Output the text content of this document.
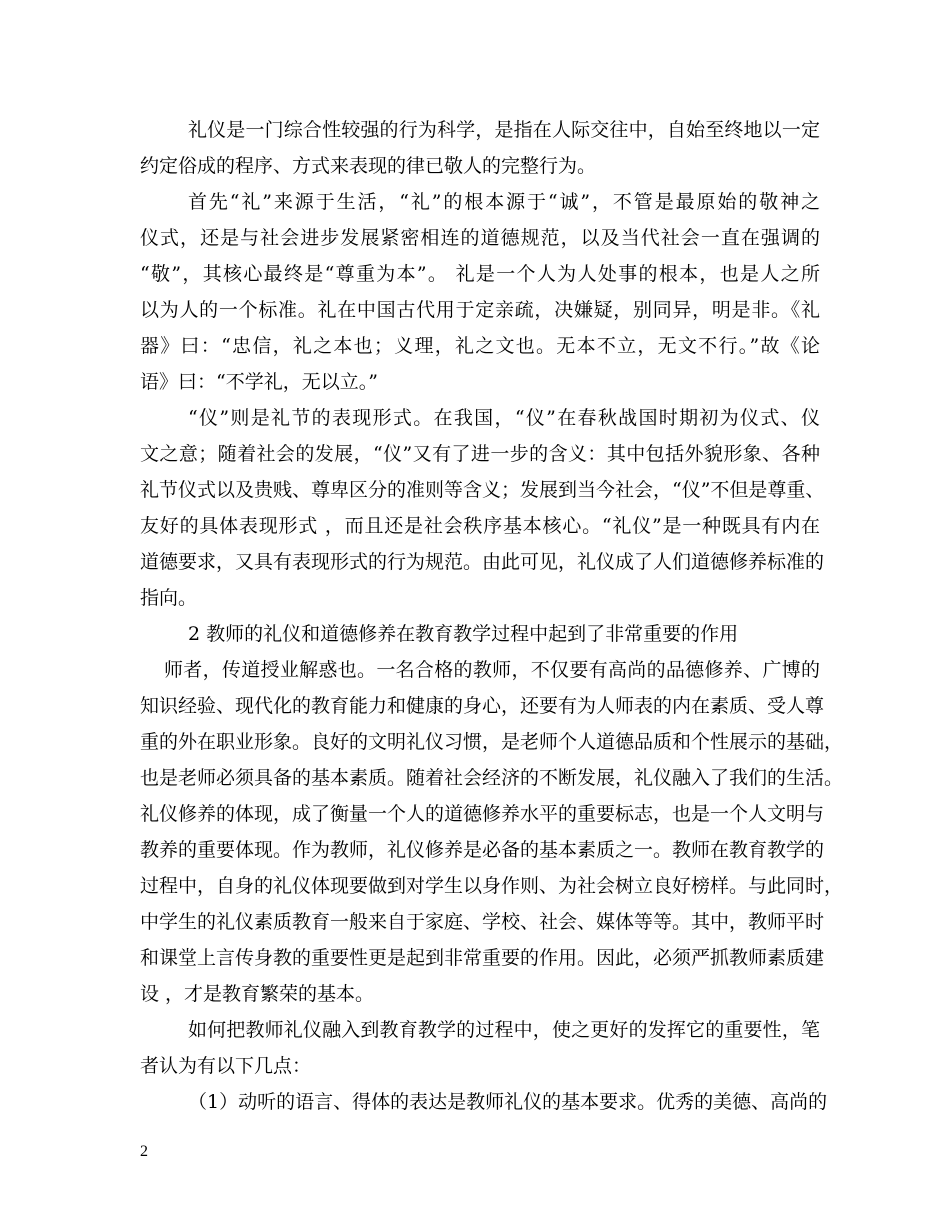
礼仪是一门综合性较强的行为科学，是指在人际交往中，自始至终地以一定
约定俗成的程序、方式来表现的律已敬人的完整行为。
首先“礼”来源于生活，“礼”的根本源于“诚”，不管是最原始的敬神之
仪式，还是与社会进步发展紧密相连的道德规范，以及当代社会一直在强调的
“敬”，其核心最终是“尊重为本”。 礼是一个人为人处事的根本，也是人之所
以为人的一个标准。礼在中国古代用于定亲疏，决嫌疑，别同异，明是非。《礼
器》曰：“忠信，礼之本也；义理，礼之文也。无本不立，无文不行。”故《论
语》曰：“不学礼，无以立。”
“仪”则是礼节的表现形式。在我国，“仪”在春秋战国时期初为仪式、仪
文之意；随着社会的发展，“仪”又有了进一步的含义：其中包括外貌形象、各种
礼节仪式以及贵贱、尊卑区分的准则等含义；发展到当今社会，“仪”不但是尊重、
友好的具体表现形式 ，而且还是社会秩序基本核心。“礼仪”是一种既具有内在
道德要求，又具有表现形式的行为规范。由此可见，礼仪成了人们道德修养标准的
指向。
2 教师的礼仪和道德修养在教育教学过程中起到了非常重要的作用
师者，传道授业解惑也。一名合格的教师，不仅要有高尚的品德修养、广博的
知识经验、现代化的教育能力和健康的身心，还要有为人师表的内在素质、受人尊
重的外在职业形象。良好的文明礼仪习惯，是老师个人道德品质和个性展示的基础，
也是老师必须具备的基本素质。随着社会经济的不断发展，礼仪融入了我们的生活。
礼仪修养的体现，成了衡量一个人的道德修养水平的重要标志，也是一个人文明与
教养的重要体现。作为教师，礼仪修养是必备的基本素质之一。教师在教育教学的
过程中，自身的礼仪体现要做到对学生以身作则、为社会树立良好榜样。与此同时，
中学生的礼仪素质教育一般来自于家庭、学校、社会、媒体等等。其中，教师平时
和课堂上言传身教的重要性更是起到非常重要的作用。因此，必须严抓教师素质建
设 ，才是教育繁荣的基本。
如何把教师礼仪融入到教育教学的过程中，使之更好的发挥它的重要性，笔
者认为有以下几点：
（1）动听的语言、得体的表达是教师礼仪的基本要求。优秀的美德、高尚的
2
